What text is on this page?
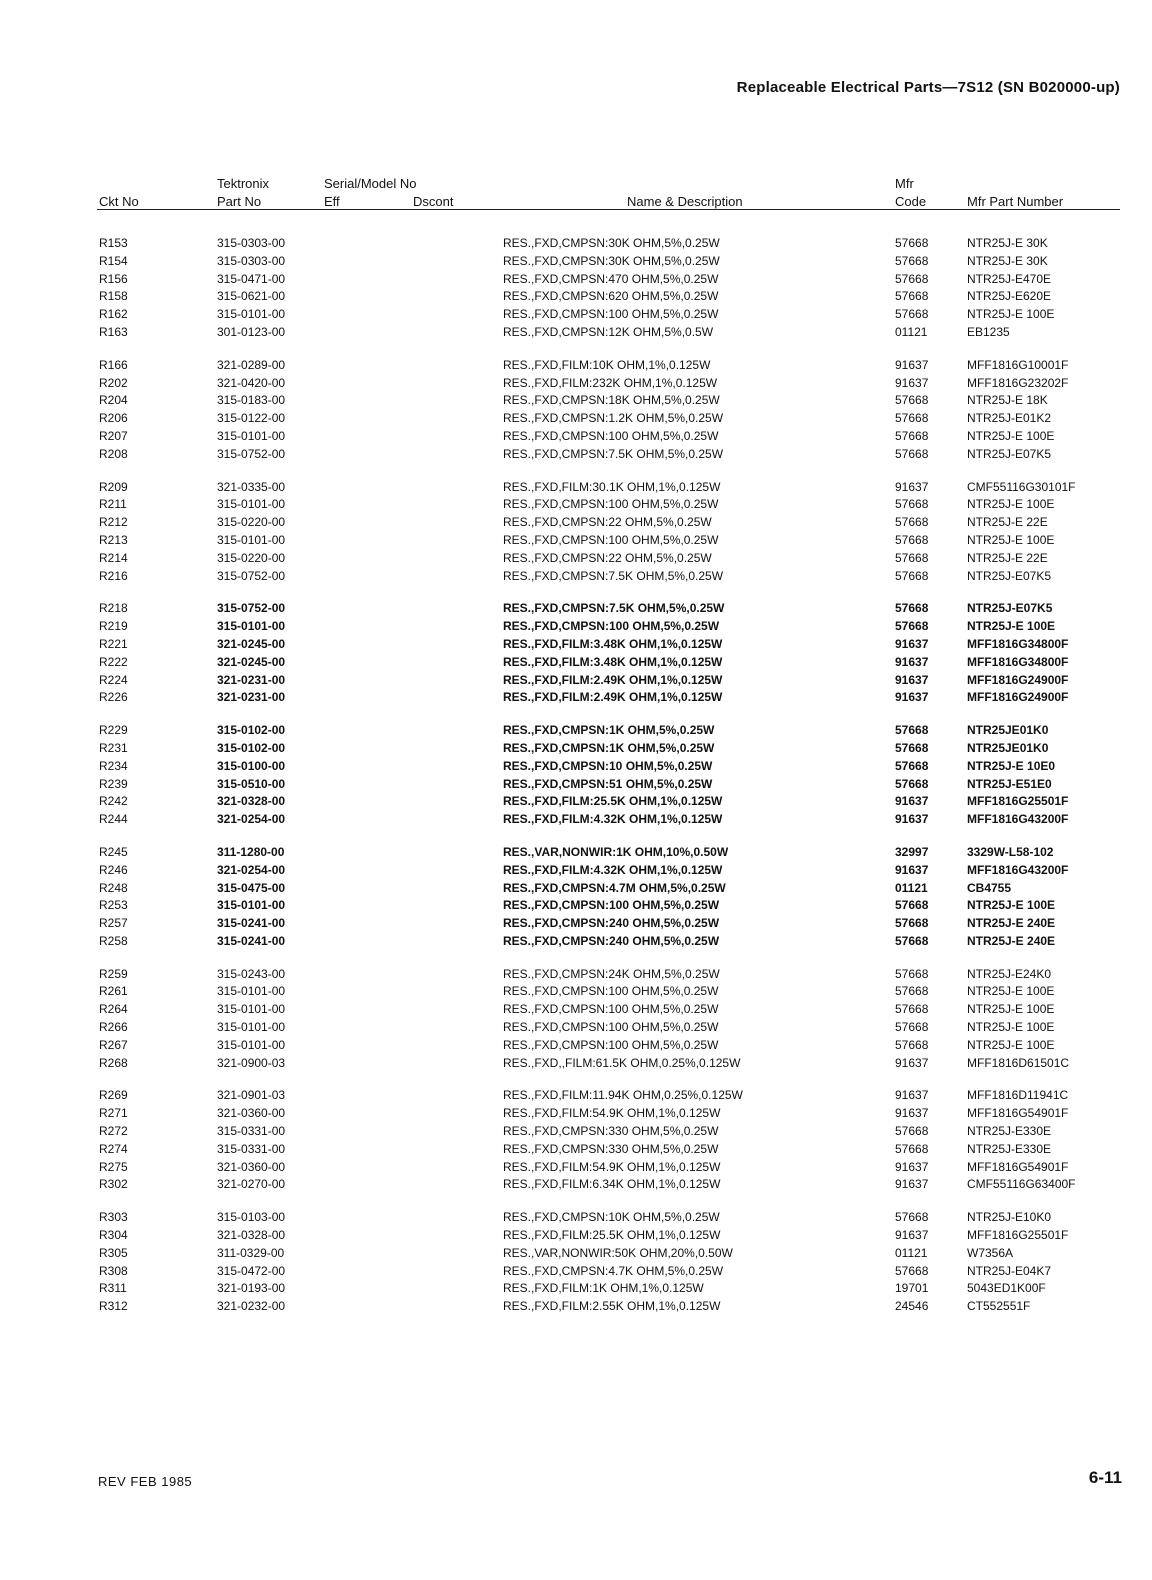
Replaceable Electrical Parts—7S12 (SN B020000-up)
Tektronix	Serial/Model No	Mfr
Ckt No	Part No	Eff	Dscont	Name & Description	Code	Mfr Part Number
R153	315-0303-00	RES.,FXD,CMPSN:30K OHM,5%,0.25W	57668	NTR25J-E 30K
R154	315-0303-00	RES.,FXD,CMPSN:30K OHM,5%,0.25W	57668	NTR25J-E 30K
R156	315-0471-00	RES.,FXD,CMPSN:470 OHM,5%,0.25W	57668	NTR25J-E470E
R158	315-0621-00	RES.,FXD,CMPSN:620 OHM,5%,0.25W	57668	NTR25J-E620E
R162	315-0101-00	RES.,FXD,CMPSN:100 OHM,5%,0.25W	57668	NTR25J-E 100E
R163	301-0123-00	RES.,FXD,CMPSN:12K OHM,5%,0.5W	01121	EB1235
R166	321-0289-00	RES.,FXD,FILM:10K OHM,1%,0.125W	91637	MFF1816G10001F
R202	321-0420-00	RES.,FXD,FILM:232K OHM,1%,0.125W	91637	MFF1816G23202F
R204	315-0183-00	RES.,FXD,CMPSN:18K OHM,5%,0.25W	57668	NTR25J-E 18K
R206	315-0122-00	RES.,FXD,CMPSN:1.2K OHM,5%,0.25W	57668	NTR25J-E01K2
R207	315-0101-00	RES.,FXD,CMPSN:100 OHM,5%,0.25W	57668	NTR25J-E 100E
R208	315-0752-00	RES.,FXD,CMPSN:7.5K OHM,5%,0.25W	57668	NTR25J-E07K5
R209	321-0335-00	RES.,FXD,FILM:30.1K OHM,1%,0.125W	91637	CMF55116G30101F
R211	315-0101-00	RES.,FXD,CMPSN:100 OHM,5%,0.25W	57668	NTR25J-E 100E
R212	315-0220-00	RES.,FXD,CMPSN:22 OHM,5%,0.25W	57668	NTR25J-E 22E
R213	315-0101-00	RES.,FXD,CMPSN:100 OHM,5%,0.25W	57668	NTR25J-E 100E
R214	315-0220-00	RES.,FXD,CMPSN:22 OHM,5%,0.25W	57668	NTR25J-E 22E
R216	315-0752-00	RES.,FXD,CMPSN:7.5K OHM,5%,0.25W	57668	NTR25J-E07K5
R218	315-0752-00	RES.,FXD,CMPSN:7.5K OHM,5%,0.25W	57668	NTR25J-E07K5
R219	315-0101-00	RES.,FXD,CMPSN:100 OHM,5%,0.25W	57668	NTR25J-E 100E
R221	321-0245-00	RES.,FXD,FILM:3.48K OHM,1%,0.125W	91637	MFF1816G34800F
R222	321-0245-00	RES.,FXD,FILM:3.48K OHM,1%,0.125W	91637	MFF1816G34800F
R224	321-0231-00	RES.,FXD,FILM:2.49K OHM,1%,0.125W	91637	MFF1816G24900F
R226	321-0231-00	RES.,FXD,FILM:2.49K OHM,1%,0.125W	91637	MFF1816G24900F
R229	315-0102-00	RES.,FXD,CMPSN:1K OHM,5%,0.25W	57668	NTR25JE01K0
R231	315-0102-00	RES.,FXD,CMPSN:1K OHM,5%,0.25W	57668	NTR25JE01K0
R234	315-0100-00	RES.,FXD,CMPSN:10 OHM,5%,0.25W	57668	NTR25J-E 10E0
R239	315-0510-00	RES.,FXD,CMPSN:51 OHM,5%,0.25W	57668	NTR25J-E51E0
R242	321-0328-00	RES.,FXD,FILM:25.5K OHM,1%,0.125W	91637	MFF1816G25501F
R244	321-0254-00	RES.,FXD,FILM:4.32K OHM,1%,0.125W	91637	MFF1816G43200F
R245	311-1280-00	RES.,VAR,NONWIR:1K OHM,10%,0.50W	32997	3329W-L58-102
R246	321-0254-00	RES.,FXD,FILM:4.32K OHM,1%,0.125W	91637	MFF1816G43200F
R248	315-0475-00	RES.,FXD,CMPSN:4.7M OHM,5%,0.25W	01121	CB4755
R253	315-0101-00	RES.,FXD,CMPSN:100 OHM,5%,0.25W	57668	NTR25J-E 100E
R257	315-0241-00	RES.,FXD,CMPSN:240 OHM,5%,0.25W	57668	NTR25J-E 240E
R258	315-0241-00	RES.,FXD,CMPSN:240 OHM,5%,0.25W	57668	NTR25J-E 240E
R259	315-0243-00	RES.,FXD,CMPSN:24K OHM,5%,0.25W	57668	NTR25J-E24K0
R261	315-0101-00	RES.,FXD,CMPSN:100 OHM,5%,0.25W	57668	NTR25J-E 100E
R264	315-0101-00	RES.,FXD,CMPSN:100 OHM,5%,0.25W	57668	NTR25J-E 100E
R266	315-0101-00	RES.,FXD,CMPSN:100 OHM,5%,0.25W	57668	NTR25J-E 100E
R267	315-0101-00	RES.,FXD,CMPSN:100 OHM,5%,0.25W	57668	NTR25J-E 100E
R268	321-0900-03	RES.,FXD,,FILM:61.5K OHM,0.25%,0.125W	91637	MFF1816D61501C
R269	321-0901-03	RES.,FXD,FILM:11.94K OHM,0.25%,0.125W	91637	MFF1816D11941C
R271	321-0360-00	RES.,FXD,FILM:54.9K OHM,1%,0.125W	91637	MFF1816G54901F
R272	315-0331-00	RES.,FXD,CMPSN:330 OHM,5%,0.25W	57668	NTR25J-E330E
R274	315-0331-00	RES.,FXD,CMPSN:330 OHM,5%,0.25W	57668	NTR25J-E330E
R275	321-0360-00	RES.,FXD,FILM:54.9K OHM,1%,0.125W	91637	MFF1816G54901F
R302	321-0270-00	RES.,FXD,FILM:6.34K OHM,1%,0.125W	91637	CMF55116G63400F
R303	315-0103-00	RES.,FXD,CMPSN:10K OHM,5%,0.25W	57668	NTR25J-E10K0
R304	321-0328-00	RES.,FXD,FILM:25.5K OHM,1%,0.125W	91637	MFF1816G25501F
R305	311-0329-00	RES.,VAR,NONWIR:50K OHM,20%,0.50W	01121	W7356A
R308	315-0472-00	RES.,FXD,CMPSN:4.7K OHM,5%,0.25W	57668	NTR25J-E04K7
R311	321-0193-00	RES.,FXD,FILM:1K OHM,1%,0.125W	19701	5043ED1K00F
R312	321-0232-00	RES.,FXD,FILM:2.55K OHM,1%,0.125W	24546	CT552551F
REV FEB 1985	6-11
